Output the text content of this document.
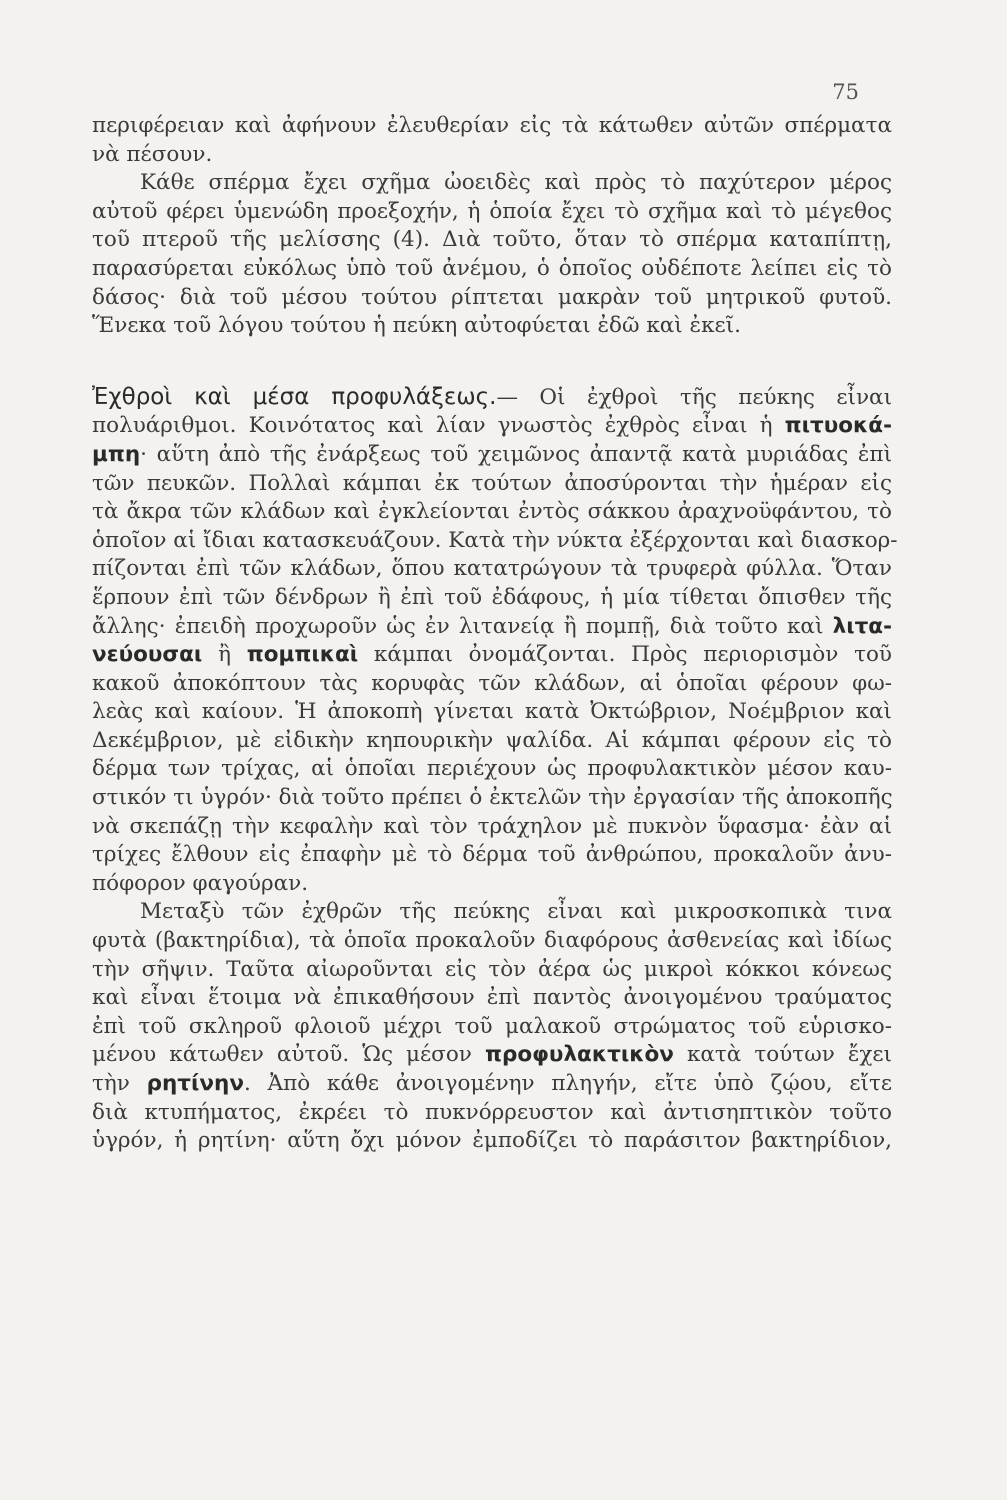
75
περιφέρειαν καὶ ἀφήνουν ἐλευθερίαν εἰς τὰ κάτωθεν αὐτῶν σπέρματα
νὰ πέσουν.
Κάθε σπέρμα ἔχει σχῆμα ὠοειδὲς καὶ πρὸς τὸ παχύτερον μέρος
αὐτοῦ φέρει ὑμενώδη προεξοχήν, ἡ ὁποία ἔχει τὸ σχῆμα καὶ τὸ μέγεθος
τοῦ πτεροῦ τῆς μελίσσης (4). Διὰ τοῦτο, ὅταν τὸ σπέρμα καταπίπτῃ,
παρασύρεται εὐκόλως ὑπὸ τοῦ ἀνέμου, ὁ ὁποῖος οὐδέποτε λείπει εἰς τὸ
δάσος· διὰ τοῦ μέσου τούτου ρίπτεται μακρὰν τοῦ μητρικοῦ φυτοῦ.
Ἕνεκα τοῦ λόγου τούτου ἡ πεύκη αὐτοφύεται ἐδῶ καὶ ἐκεῖ.
Ἐχθροὶ καὶ μέσα προφυλάξεως.— Οἱ ἐχθροὶ τῆς πεύκης εἶναι
πολυάριθμοι. Κοινότατος καὶ λίαν γνωστὸς ἐχθρὸς εἶναι ἡ πιτυοκά-
μπη· αὕτη ἀπὸ τῆς ἐνάρξεως τοῦ χειμῶνος ἀπαντᾷ κατὰ μυριάδας ἐπὶ
τῶν πευκῶν. Πολλαὶ κάμπαι ἐκ τούτων ἀποσύρονται τὴν ἡμέραν εἰς
τὰ ἄκρα τῶν κλάδων καὶ ἐγκλείονται ἐντὸς σάκκου ἀραχνοϋφάντου, τὸ
ὁποῖον αἱ ἴδιαι κατασκευάζουν. Κατὰ τὴν νύκτα ἐξέρχονται καὶ διασκορ-
πίζονται ἐπὶ τῶν κλάδων, ὅπου κατατρώγουν τὰ τρυφερὰ φύλλα. Ὅταν
ἕρπουν ἐπὶ τῶν δένδρων ἢ ἐπὶ τοῦ ἐδάφους, ἡ μία τίθεται ὄπισθεν τῆς
ἄλλης· ἐπειδὴ προχωροῦν ὡς ἐν λιτανείᾳ ἢ πομπῇ, διὰ τοῦτο καὶ λιτα-
νεύουσαι ἢ πομπικαὶ κάμπαι ὀνομάζονται. Πρὸς περιορισμὸν τοῦ
κακοῦ ἀποκόπτουν τὰς κορυφὰς τῶν κλάδων, αἱ ὁποῖαι φέρουν φω-
λεὰς καὶ καίουν. Ἡ ἀποκοπὴ γίνεται κατὰ Ὀκτώβριον, Νοέμβριον καὶ
Δεκέμβριον, μὲ εἰδικὴν κηπουρικὴν ψαλίδα. Αἱ κάμπαι φέρουν εἰς τὸ
δέρμα των τρίχας, αἱ ὁποῖαι περιέχουν ὡς προφυλακτικὸν μέσον καυ-
στικόν τι ὑγρόν· διὰ τοῦτο πρέπει ὁ ἐκτελῶν τὴν ἐργασίαν τῆς ἀποκοπῆς
νὰ σκεπάζῃ τὴν κεφαλὴν καὶ τὸν τράχηλον μὲ πυκνὸν ὕφασμα· ἐὰν αἱ
τρίχες ἔλθουν εἰς ἐπαφὴν μὲ τὸ δέρμα τοῦ ἀνθρώπου, προκαλοῦν ἀνυ-
πόφορον φαγούραν.
Μεταξὺ τῶν ἐχθρῶν τῆς πεύκης εἶναι καὶ μικροσκοπικὰ τινα
φυτὰ (βακτηρίδια), τὰ ὁποῖα προκαλοῦν διαφόρους ἀσθενείας καὶ ἰδίως
τὴν σῆψιν. Ταῦτα αἰωροῦνται εἰς τὸν ἀέρα ὡς μικροὶ κόκκοι κόνεως
καὶ εἶναι ἕτοιμα νὰ ἐπικαθήσουν ἐπὶ παντὸς ἀνοιγομένου τραύματος
ἐπὶ τοῦ σκληροῦ φλοιοῦ μέχρι τοῦ μαλακοῦ στρώματος τοῦ εὑρισκο-
μένου κάτωθεν αὐτοῦ. Ὡς μέσον προφυλακτικὸν κατὰ τούτων ἔχει
τὴν ρητίνην. Ἀπὸ κάθε ἀνοιγομένην πληγήν, εἴτε ὑπὸ ζῴου, εἴτε
διὰ κτυπήματος, ἐκρέει τὸ πυκνόρρευστον καὶ ἀντισηπτικὸν τοῦτο
ὑγρόν, ἡ ρητίνη· αὕτη ὄχι μόνον ἐμποδίζει τὸ παράσιτον βακτηρίδιον,
